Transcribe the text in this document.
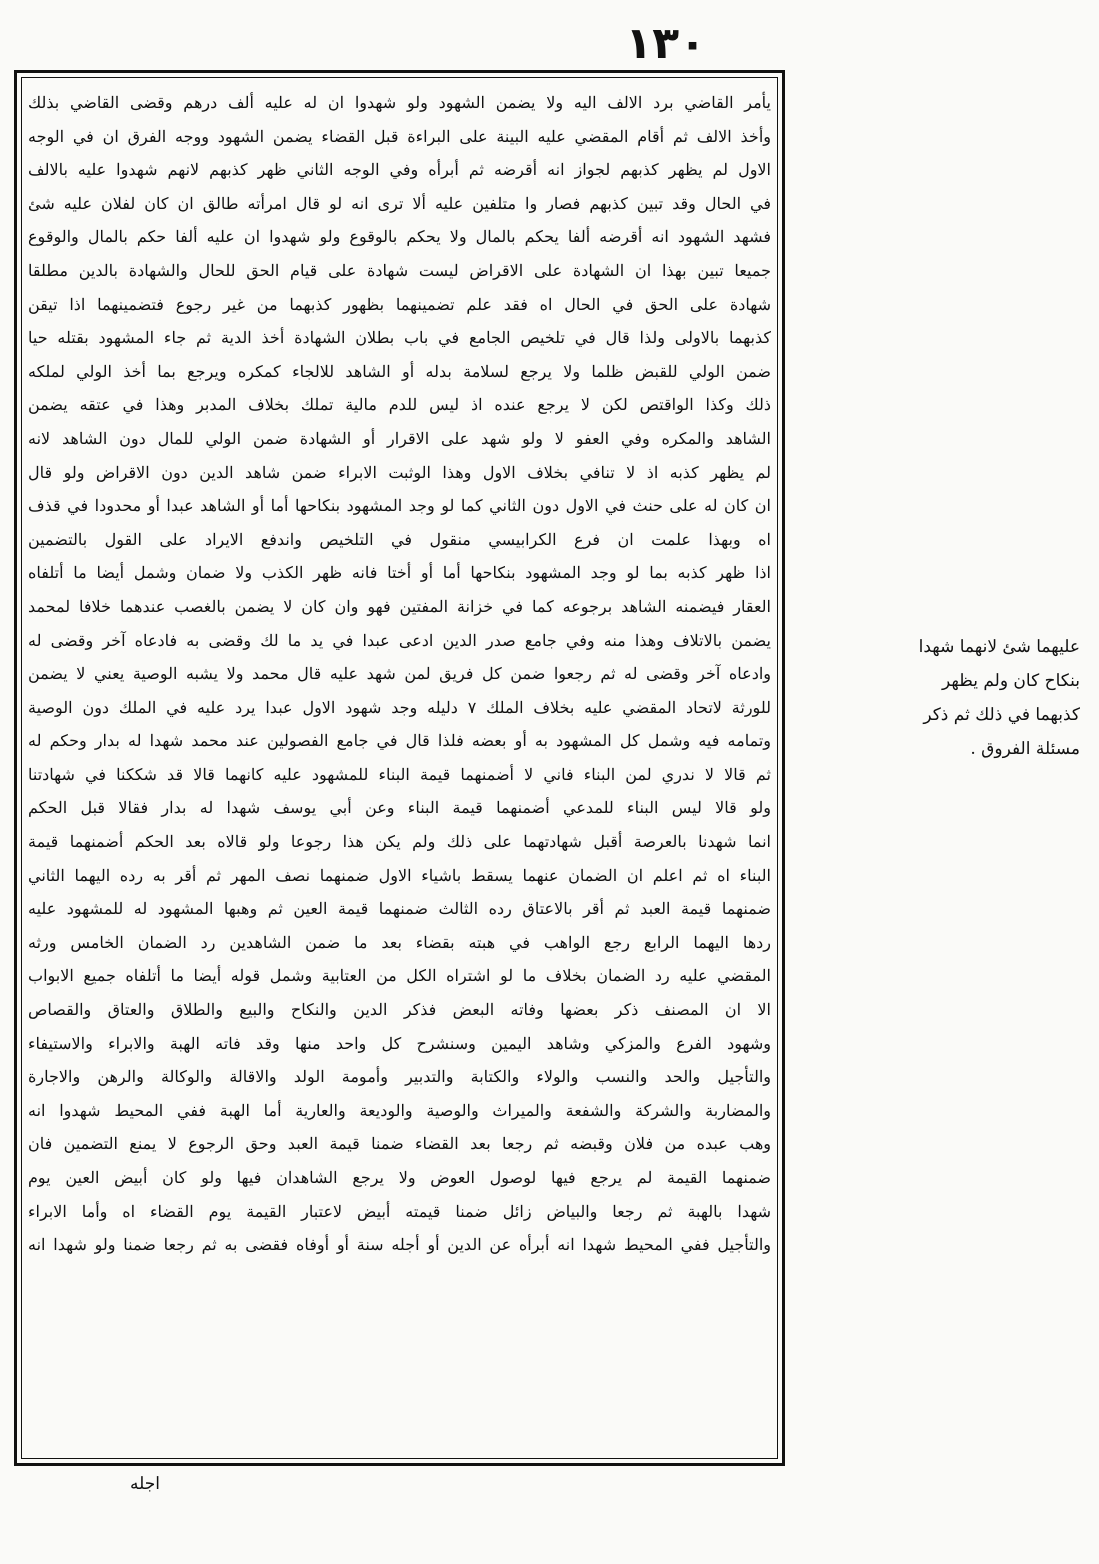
١٣٠
يأمر القاضي برد الالف اليه ولا يضمن الشهود ولو شهدوا ان له عليه ألف درهم وقضى القاضي بذلك
وأخذ الالف ثم أقام المقضي عليه البينة على البراءة قبل القضاء يضمن الشهود ووجه الفرق ان في الوجه
الاول لم يظهر كذبهم لجواز انه أقرضه ثم أبرأه وفي الوجه الثاني ظهر كذبهم لانهم شهدوا عليه بالالف
في الحال وقد تبين كذبهم فصار وا متلفين عليه ألا ترى انه لو قال امرأته طالق ان كان لفلان عليه شئ
فشهد الشهود انه أقرضه ألفا يحكم بالمال ولا يحكم بالوقوع ولو شهدوا ان عليه ألفا حكم بالمال والوقوع
جميعا تبين بهذا ان الشهادة على الاقراض ليست شهادة على قيام الحق للحال والشهادة بالدين مطلقا
شهادة على الحق في الحال اه فقد علم تضمينهما بظهور كذبهما من غير رجوع فتضمينهما اذا تيقن
كذبهما بالاولى ولذا قال في تلخيص الجامع في باب بطلان الشهادة أخذ الدية ثم جاء المشهود بقتله حيا
ضمن الولي للقبض ظلما ولا يرجع لسلامة بدله أو الشاهد للالجاء كمكره ويرجع بما أخذ الولي لملكه
ذلك وكذا الواقتص لكن لا يرجع عنده اذ ليس للدم مالية تملك بخلاف المدبر وهذا في عتقه يضمن
الشاهد والمكره وفي العفو لا ولو شهد على الاقرار أو الشهادة ضمن الولي للمال دون الشاهد لانه
لم يظهر كذبه اذ لا تنافي بخلاف الاول وهذا الوثبت الابراء ضمن شاهد الدين دون الاقراض ولو قال
ان كان له على حنث في الاول دون الثاني كما لو وجد المشهود بنكاحها أما أو الشاهد عبدا أو محدودا في قذف
اه وبهذا علمت ان فرع الكرابيسي منقول في التلخيص واندفع الايراد على القول بالتضمين
اذا ظهر كذبه بما لو وجد المشهود بنكاحها أما أو أختا فانه ظهر الكذب ولا ضمان وشمل أيضا ما أتلفاه
العقار فيضمنه الشاهد برجوعه كما في خزانة المفتين فهو وان كان لا يضمن بالغصب عندهما خلافا لمحمد
يضمن بالاتلاف وهذا منه وفي جامع صدر الدين ادعى عبدا في يد ما لك وقضى به فادعاه آخر وقضى له
وادعاه آخر وقضى له ثم رجعوا ضمن كل فريق لمن شهد عليه قال محمد ولا يشبه الوصية يعني لا يضمن
للورثة لاتحاد المقضي عليه بخلاف الملك ٧ دليله وجد شهود الاول عبدا يرد عليه في الملك دون الوصية
وتمامه فيه وشمل كل المشهود به أو بعضه فلذا قال في جامع الفصولين عند محمد شهدا له بدار وحكم له
ثم قالا لا ندري لمن البناء فاني لا أضمنهما قيمة البناء للمشهود عليه كانهما قالا قد شككنا في شهادتنا
ولو قالا ليس البناء للمدعي أضمنهما قيمة البناء وعن أبي يوسف شهدا له بدار فقالا قبل الحكم
انما شهدنا بالعرصة أقبل شهادتهما على ذلك ولم يكن هذا رجوعا ولو قالاه بعد الحكم أضمنهما قيمة
البناء اه ثم اعلم ان الضمان عنهما يسقط باشياء الاول ضمنهما نصف المهر ثم أقر به رده اليهما الثاني
ضمنهما قيمة العبد ثم أقر بالاعتاق رده الثالث ضمنهما قيمة العين ثم وهبها المشهود له للمشهود عليه
ردها اليهما الرابع رجع الواهب في هبته بقضاء بعد ما ضمن الشاهدين رد الضمان الخامس ورثه
المقضي عليه رد الضمان بخلاف ما لو اشتراه الكل من العتابية وشمل قوله أيضا ما أتلفاه جميع الابواب
الا ان المصنف ذكر بعضها وفاته البعض فذكر الدين والنكاح والبيع والطلاق والعتاق والقصاص
وشهود الفرع والمزكي وشاهد اليمين وسنشرح كل واحد منها وقد فاته الهبة والابراء والاستيفاء
والتأجيل والحد والنسب والولاء والكتابة والتدبير وأمومة الولد والاقالة والوكالة والرهن والاجارة
والمضاربة والشركة والشفعة والميراث والوصية والوديعة والعارية أما الهبة ففي المحيط شهدوا انه
وهب عبده من فلان وقبضه ثم رجعا بعد القضاء ضمنا قيمة العبد وحق الرجوع لا يمنع التضمين فان
ضمنهما القيمة لم يرجع فيها لوصول العوض ولا يرجع الشاهدان فيها ولو كان أبيض العين يوم
شهدا بالهبة ثم رجعا والبياض زائل ضمنا قيمته أبيض لاعتبار القيمة يوم القضاء اه وأما الابراء
والتأجيل ففي المحيط شهدا انه أبرأه عن الدين أو أجله سنة أو أوفاه فقضى به ثم رجعا ضمنا ولو شهدا انه
عليهما شئ لانهما شهدا
بنكاح كان ولم يظهر
كذبهما في ذلك ثم ذكر
مسئلة الفروق .
اجله
